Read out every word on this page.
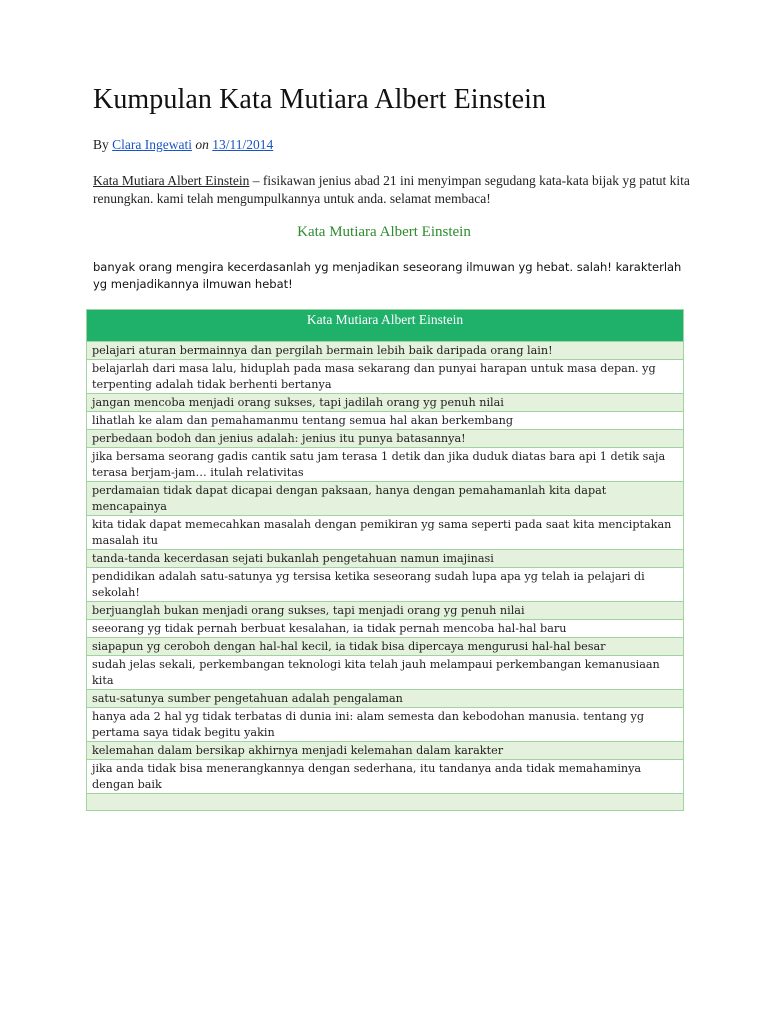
Kumpulan Kata Mutiara Albert Einstein
By Clara Ingewati on 13/11/2014
Kata Mutiara Albert Einstein – fisikawan jenius abad 21 ini menyimpan segudang kata-kata bijak yg patut kita renungkan. kami telah mengumpulkannya untuk anda. selamat membaca!
Kata Mutiara Albert Einstein
banyak orang mengira kecerdasanlah yg menjadikan seseorang ilmuwan yg hebat. salah! karakterlah yg menjadikannya ilmuwan hebat!
Kata Mutiara Albert Einstein
pelajari aturan bermainnya dan pergilah bermain lebih baik daripada orang lain!
belajarlah dari masa lalu, hiduplah pada masa sekarang dan punyai harapan untuk masa depan. yg terpenting adalah tidak berhenti bertanya
jangan mencoba menjadi orang sukses, tapi jadilah orang yg penuh nilai
lihatlah ke alam dan pemahamanmu tentang semua hal akan berkembang
perbedaan bodoh dan jenius adalah: jenius itu punya batasannya!
jika bersama seorang gadis cantik satu jam terasa 1 detik dan jika duduk diatas bara api 1 detik saja terasa berjam-jam… itulah relativitas
perdamaian tidak dapat dicapai dengan paksaan, hanya dengan pemahamanlah kita dapat mencapainya
kita tidak dapat memecahkan masalah dengan pemikiran yg sama seperti pada saat kita menciptakan masalah itu
tanda-tanda kecerdasan sejati bukanlah pengetahuan namun imajinasi
pendidikan adalah satu-satunya yg tersisa ketika seseorang sudah lupa apa yg telah ia pelajari di sekolah!
berjuanglah bukan menjadi orang sukses, tapi menjadi orang yg penuh nilai
seeorang yg tidak pernah berbuat kesalahan, ia tidak pernah mencoba hal-hal baru
siapapun yg ceroboh dengan hal-hal kecil, ia tidak bisa dipercaya mengurusi hal-hal besar
sudah jelas sekali, perkembangan teknologi kita telah jauh melampaui perkembangan kemanusiaan kita
satu-satunya sumber pengetahuan adalah pengalaman
hanya ada 2 hal yg tidak terbatas di dunia ini: alam semesta dan kebodohan manusia. tentang yg pertama saya tidak begitu yakin
kelemahan dalam bersikap akhirnya menjadi kelemahan dalam karakter
jika anda tidak bisa menerangkannya dengan sederhana, itu tandanya anda tidak memahaminya dengan baik
